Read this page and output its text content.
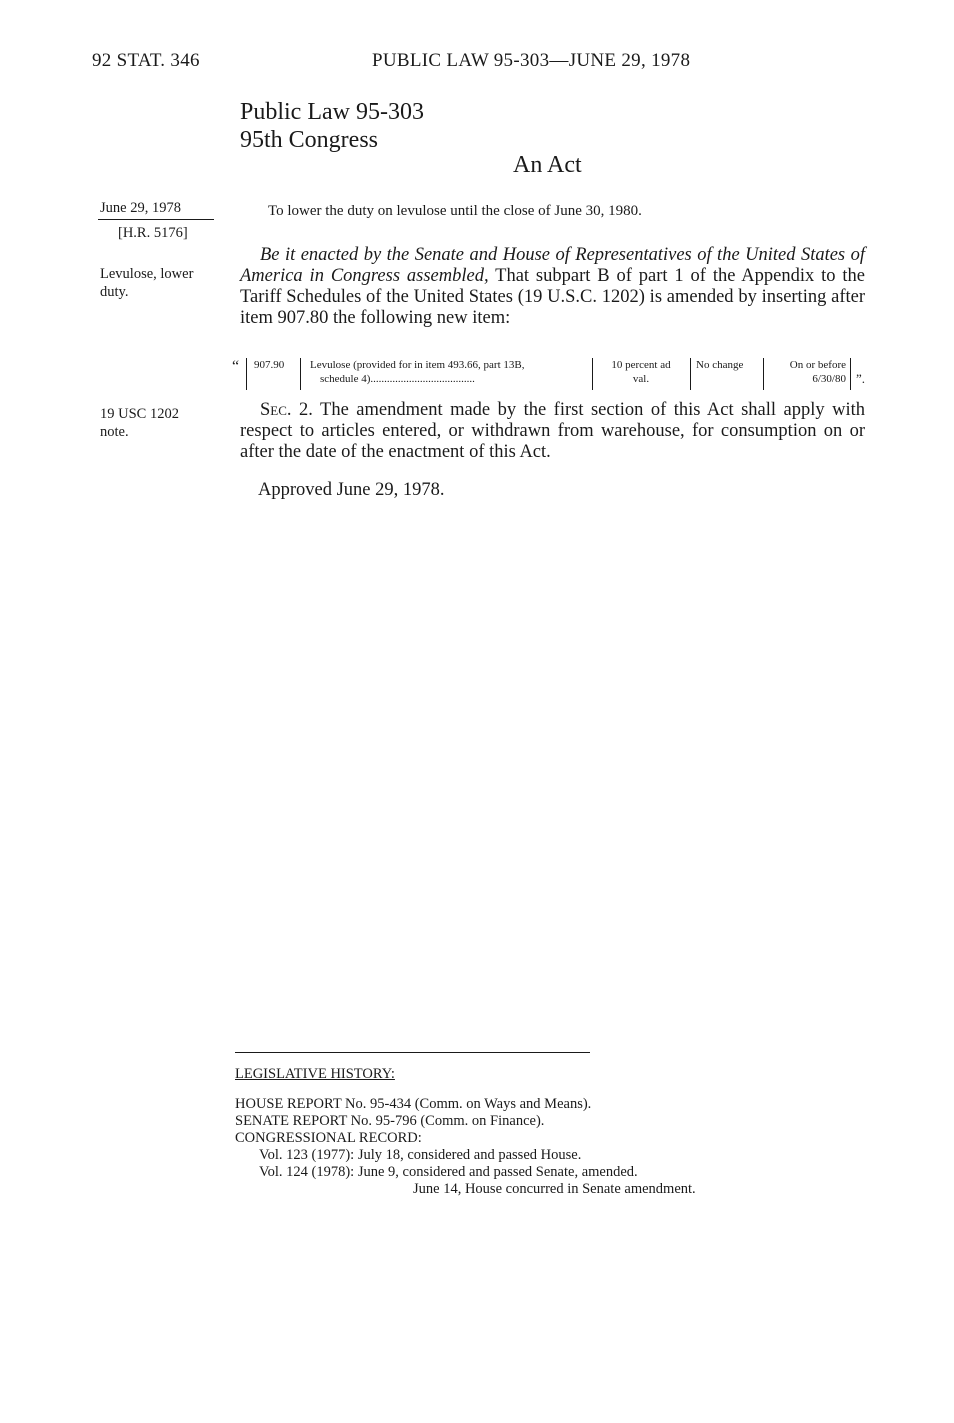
92 STAT. 346	PUBLIC LAW 95-303—JUNE 29, 1978
Public Law 95-303
95th Congress
An Act
June 29, 1978
[H.R. 5176]
Levulose, lower
duty.
19 USC 1202
note.
To lower the duty on levulose until the close of June 30, 1980.
Be it enacted by the Senate and House of Representatives of the United States of America in Congress assembled, That subpart B of part 1 of the Appendix to the Tariff Schedules of the United States (19 U.S.C. 1202) is amended by inserting after item 907.80 the following new item:
“ 907.90 Levulose (provided for in item 493.66, part 13B,
schedule 4)......................................
10 percent ad
val.
No change	On or before
6/30/80 ”.
Sec. 2. The amendment made by the first section of this Act shall apply with respect to articles entered, or withdrawn from warehouse, for consumption on or after the date of the enactment of this Act.
Approved June 29, 1978.
LEGISLATIVE HISTORY:
HOUSE REPORT No. 95-434 (Comm. on Ways and Means).
SENATE REPORT No. 95-796 (Comm. on Finance).
CONGRESSIONAL RECORD:
Vol. 123 (1977): July 18, considered and passed House.
Vol. 124 (1978): June 9, considered and passed Senate, amended.
June 14, House concurred in Senate amendment.
